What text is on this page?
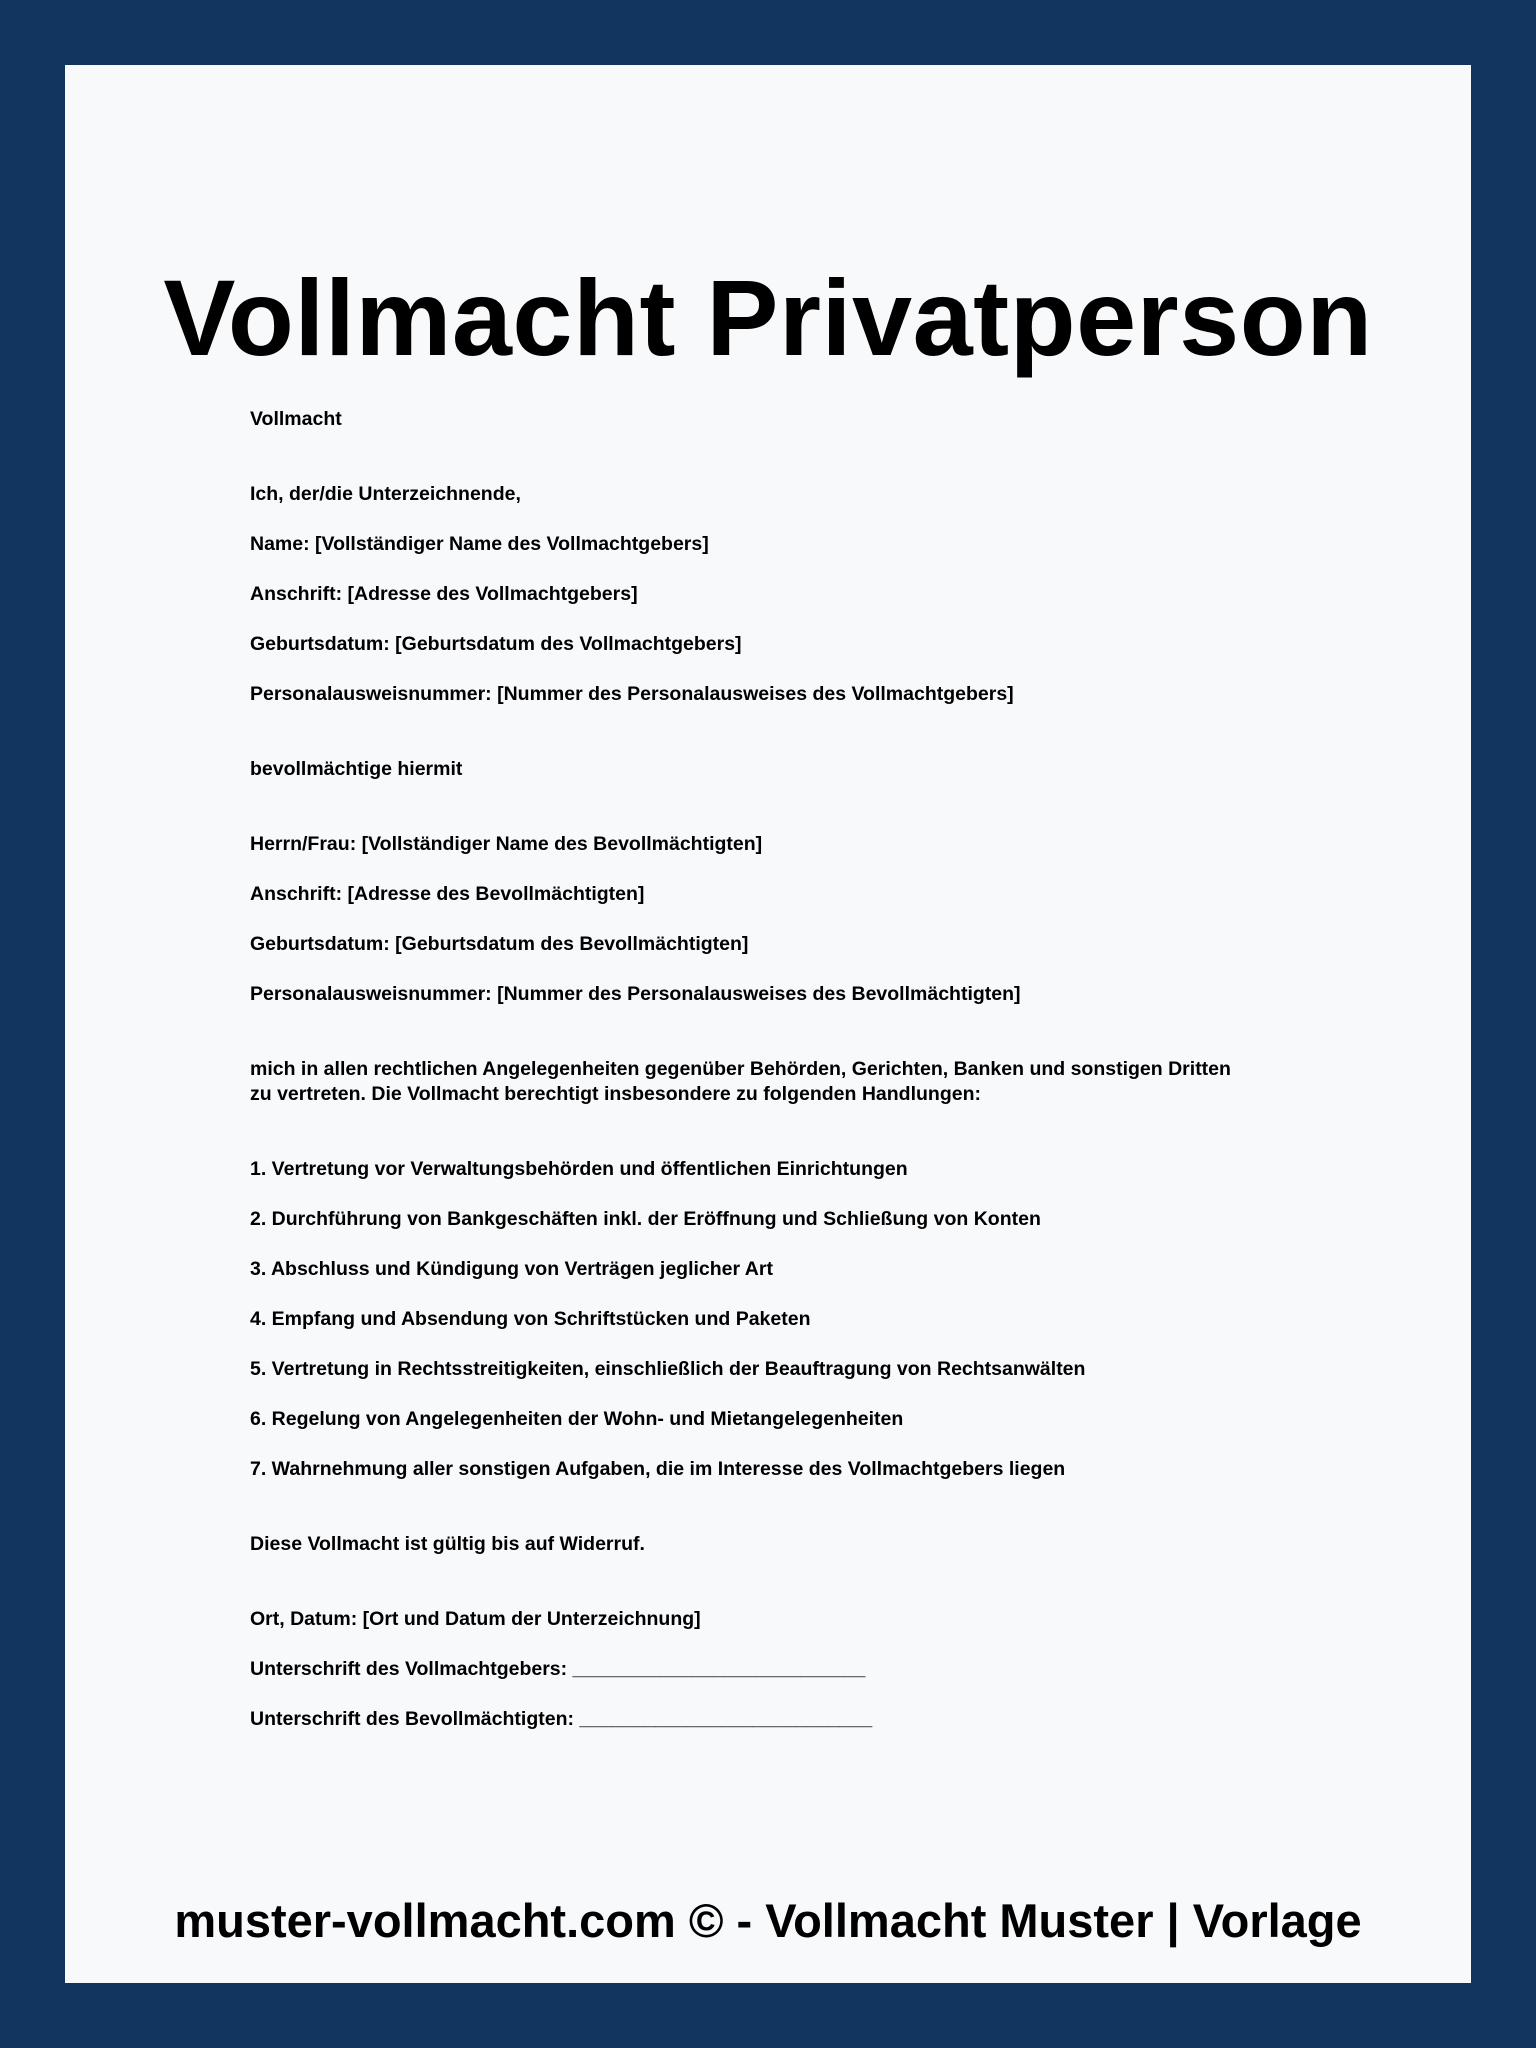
Vollmacht Privatperson
Vollmacht
Ich, der/die Unterzeichnende,
Name: [Vollständiger Name des Vollmachtgebers]
Anschrift: [Adresse des Vollmachtgebers]
Geburtsdatum: [Geburtsdatum des Vollmachtgebers]
Personalausweisnummer: [Nummer des Personalausweises des Vollmachtgebers]
bevollmächtige hiermit
Herrn/Frau: [Vollständiger Name des Bevollmächtigten]
Anschrift: [Adresse des Bevollmächtigten]
Geburtsdatum: [Geburtsdatum des Bevollmächtigten]
Personalausweisnummer: [Nummer des Personalausweises des Bevollmächtigten]
mich in allen rechtlichen Angelegenheiten gegenüber Behörden, Gerichten, Banken und sonstigen Dritten
zu vertreten. Die Vollmacht berechtigt insbesondere zu folgenden Handlungen:
1. Vertretung vor Verwaltungsbehörden und öffentlichen Einrichtungen
2. Durchführung von Bankgeschäften inkl. der Eröffnung und Schließung von Konten
3. Abschluss und Kündigung von Verträgen jeglicher Art
4. Empfang und Absendung von Schriftstücken und Paketen
5. Vertretung in Rechtsstreitigkeiten, einschließlich der Beauftragung von Rechtsanwälten
6. Regelung von Angelegenheiten der Wohn- und Mietangelegenheiten
7. Wahrnehmung aller sonstigen Aufgaben, die im Interesse des Vollmachtgebers liegen
Diese Vollmacht ist gültig bis auf Widerruf.
Ort, Datum: [Ort und Datum der Unterzeichnung]
Unterschrift des Vollmachtgebers: ___________________________
Unterschrift des Bevollmächtigten: ___________________________
muster-vollmacht.com © - Vollmacht Muster | Vorlage
